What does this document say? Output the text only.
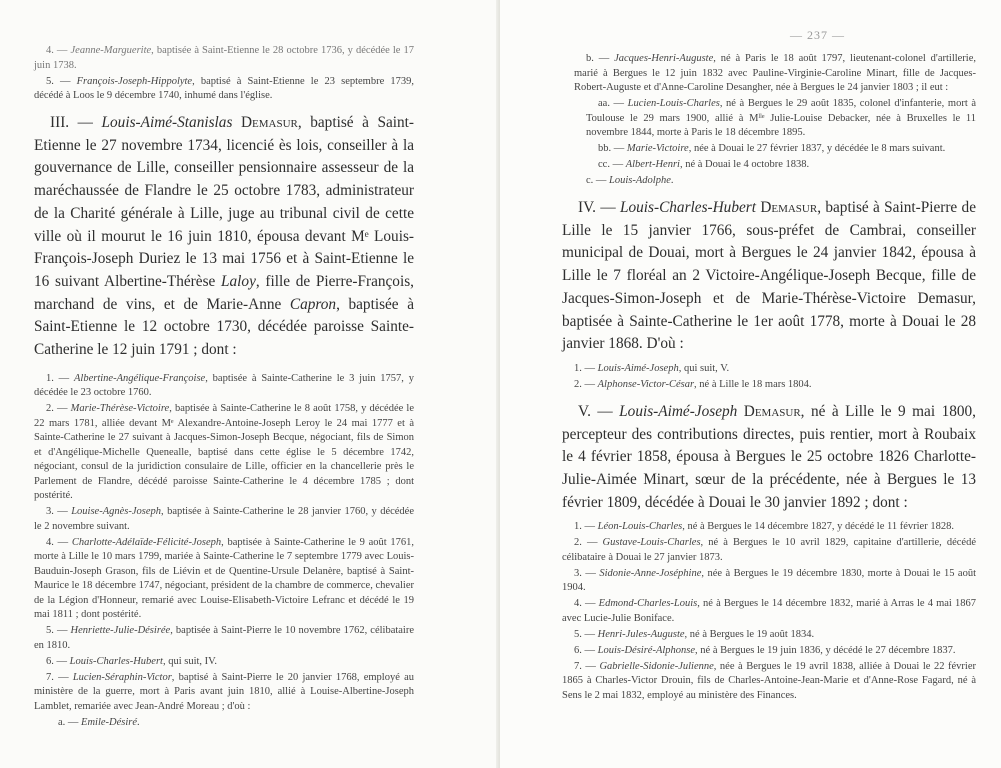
4. — Jeanne-Marguerite, baptisée à Saint-Etienne le 28 octobre 1736, y décédée le 17 juin 1738.

5. — François-Joseph-Hippolyte, baptisé à Saint-Etienne le 23 septembre 1739, décédé à Loos le 9 décembre 1740, inhumé dans l'église.

III. — Louis-Aimé-Stanislas Demasur, baptisé à Saint-Etienne le 27 novembre 1734, licencié ès lois, conseiller à la gouvernance de Lille, conseiller pensionnaire assesseur de la maréchaussée de Flandre le 25 octobre 1783, administrateur de la Charité générale à Lille, juge au tribunal civil de cette ville où il mourut le 16 juin 1810, épousa devant Mᵉ Louis-François-Joseph Duriez le 13 mai 1756 et à Saint-Etienne le 16 suivant Albertine-Thérèse Laloy, fille de Pierre-François, marchand de vins, et de Marie-Anne Capron, baptisée à Saint-Etienne le 12 octobre 1730, décédée paroisse Sainte-Catherine le 12 juin 1791 ; dont :

1. — Albertine-Angélique-Françoise, baptisée à Sainte-Catherine le 3 juin 1757, y décédée le 23 octobre 1760.

2. — Marie-Thérèse-Victoire, baptisée à Sainte-Catherine le 8 août 1758, y décédée le 22 mars 1781, alliée devant Mᵉ Alexandre-Antoine-Joseph Leroy le 24 mai 1777 et à Sainte-Catherine le 27 suivant à Jacques-Simon-Joseph Becque, négociant, fils de Simon et d'Angélique-Michelle Quenealle, baptisé dans cette église le 5 décembre 1742, négociant, consul de la juridiction consulaire de Lille, officier en la chancellerie près le Parlement de Flandre, décédé paroisse Sainte-Catherine le 4 décembre 1785 ; dont postérité.

3. — Louise-Agnès-Joseph, baptisée à Sainte-Catherine le 28 janvier 1760, y décédée le 2 novembre suivant.

4. — Charlotte-Adélaïde-Félicité-Joseph, baptisée à Sainte-Catherine le 9 août 1761, morte à Lille le 10 mars 1799, mariée à Sainte-Catherine le 7 septembre 1779 avec Louis-Bauduin-Joseph Grason, fils de Liévin et de Quentine-Ursule Delanère, baptisé à Saint-Maurice le 18 décembre 1747, négociant, président de la chambre de commerce, chevalier de la Légion d'Honneur, remarié avec Louise-Elisabeth-Victoire Lefranc et décédé le 19 mai 1811 ; dont postérité.

5. — Henriette-Julie-Désirée, baptisée à Saint-Pierre le 10 novembre 1762, célibataire en 1810.

6. — Louis-Charles-Hubert, qui suit, IV.

7. — Lucien-Séraphin-Victor, baptisé à Saint-Pierre le 20 janvier 1768, employé au ministère de la guerre, mort à Paris avant juin 1810, allié à Louise-Albertine-Joseph Lamblet, remariée avec Jean-André Moreau ; d'où :

a. — Emile-Désiré.

— 237 —

b. — Jacques-Henri-Auguste, né à Paris le 18 août 1797, lieutenant-colonel d'artillerie, marié à Bergues le 12 juin 1832 avec Pauline-Virginie-Caroline Minart, fille de Jacques-Robert-Auguste et d'Anne-Caroline Desangher, née à Bergues le 24 janvier 1803 ; il eut :

aa. — Lucien-Louis-Charles, né à Bergues le 29 août 1835, colonel d'infanterie, mort à Toulouse le 29 mars 1900, allié à Mˡˡᵉ Julie-Louise Debacker, née à Bruxelles le 11 novembre 1844, morte à Paris le 18 décembre 1895.

bb. — Marie-Victoire, née à Douai le 27 février 1837, y décédée le 8 mars suivant.

cc. — Albert-Henri, né à Douai le 4 octobre 1838.

c. — Louis-Adolphe.

IV. — Louis-Charles-Hubert Demasur, baptisé à Saint-Pierre de Lille le 15 janvier 1766, sous-préfet de Cambrai, conseiller municipal de Douai, mort à Bergues le 24 janvier 1842, épousa à Lille le 7 floréal an 2 Victoire-Angélique-Joseph Becque, fille de Jacques-Simon-Joseph et de Marie-Thérèse-Victoire Demasur, baptisée à Sainte-Catherine le 1er août 1778, morte à Douai le 28 janvier 1868. D'où :

1. — Louis-Aimé-Joseph, qui suit, V.

2. — Alphonse-Victor-César, né à Lille le 18 mars 1804.

V. — Louis-Aimé-Joseph Demasur, né à Lille le 9 mai 1800, percepteur des contributions directes, puis rentier, mort à Roubaix le 4 février 1858, épousa à Bergues le 25 octobre 1826 Charlotte-Julie-Aimée Minart, sœur de la précédente, née à Bergues le 13 février 1809, décédée à Douai le 30 janvier 1892 ; dont :

1. — Léon-Louis-Charles, né à Bergues le 14 décembre 1827, y décédé le 11 février 1828.

2. — Gustave-Louis-Charles, né à Bergues le 10 avril 1829, capitaine d'artillerie, décédé célibataire à Douai le 27 janvier 1873.

3. — Sidonie-Anne-Joséphine, née à Bergues le 19 décembre 1830, morte à Douai le 15 août 1904.

4. — Edmond-Charles-Louis, né à Bergues le 14 décembre 1832, marié à Arras le 4 mai 1867 avec Lucie-Julie Boniface.

5. — Henri-Jules-Auguste, né à Bergues le 19 août 1834.

6. — Louis-Désiré-Alphonse, né à Bergues le 19 juin 1836, y décédé le 27 décembre 1837.

7. — Gabrielle-Sidonie-Julienne, née à Bergues le 19 avril 1838, alliée à Douai le 22 février 1865 à Charles-Victor Drouin, fils de Charles-Antoine-Jean-Marie et d'Anne-Rose Fagard, né à Sens le 2 mai 1832, employé au ministère des Finances.
